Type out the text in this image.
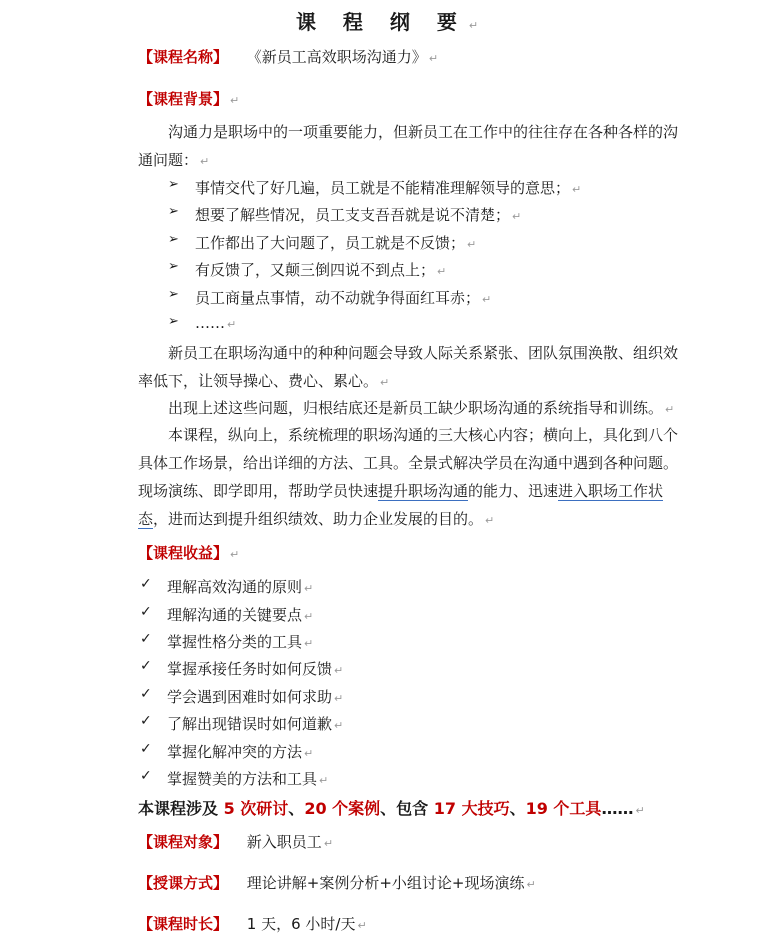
课 程 纲 要 ↵
【课程名称】 《新员工高效职场沟通力》 ↵
【课程背景】 ↵
沟通力是职场中的一项重要能力，但新员工在工作中的往往存在各种各样的沟通问题： ↵
➢ 事情交代了好几遍，员工就是不能精准理解领导的意思； ↵
➢ 想要了解些情况，员工支支吾吾就是说不清楚； ↵
➢ 工作都出了大问题了，员工就是不反馈； ↵
➢ 有反馈了，又颠三倒四说不到点上； ↵
➢ 员工商量点事情，动不动就争得面红耳赤； ↵
➢ …… ↵
新员工在职场沟通中的种种问题会导致人际关系紧张、团队氛围涣散、组织效率低下，让领导操心、费心、累心。 ↵
出现上述这些问题，归根结底还是新员工缺少职场沟通的系统指导和训练。 ↵
本课程，纵向上，系统梳理的职场沟通的三大核心内容；横向上，具化到八个具体工作场景，给出详细的方法、工具。全景式解决学员在沟通中遇到各种问题。现场演练、即学即用，帮助学员快速提升职场沟通的能力、迅速进入职场工作状态，进而达到提升组织绩效、助力企业发展的目的。 ↵
【课程收益】 ↵
✓ 理解高效沟通的原则 ↵
✓ 理解沟通的关键要点 ↵
✓ 掌握性格分类的工具 ↵
✓ 掌握承接任务时如何反馈 ↵
✓ 学会遇到困难时如何求助 ↵
✓ 了解出现错误时如何道歉 ↵
✓ 掌握化解冲突的方法 ↵
✓ 掌握赞美的方法和工具 ↵
本课程涉及 5 次研讨、20 个案例、包含 17 大技巧、19 个工具…… ↵
【课程对象】 新入职员工 ↵
【授课方式】 理论讲解+案例分析+小组讨论+现场演练 ↵
【课程时长】 1 天，6 小时/天 ↵
